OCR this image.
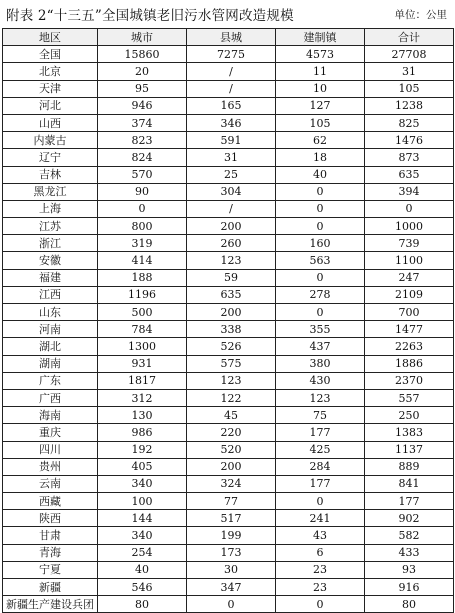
附表 2“十三五”全国城镇老旧污水管网改造规模	单位：公里
地区	城市	县城	建制镇	合计
全国	15860	7275	4573	27708
北京	20	/	11	31
天津	95	/	10	105
河北	946	165	127	1238
山西	374	346	105	825
内蒙古	823	591	62	1476
辽宁	824	31	18	873
吉林	570	25	40	635
黑龙江	90	304	0	394
上海	0	/	0	0
江苏	800	200	0	1000
浙江	319	260	160	739
安徽	414	123	563	1100
福建	188	59	0	247
江西	1196	635	278	2109
山东	500	200	0	700
河南	784	338	355	1477
湖北	1300	526	437	2263
湖南	931	575	380	1886
广东	1817	123	430	2370
广西	312	122	123	557
海南	130	45	75	250
重庆	986	220	177	1383
四川	192	520	425	1137
贵州	405	200	284	889
云南	340	324	177	841
西藏	100	77	0	177
陕西	144	517	241	902
甘肃	340	199	43	582
青海	254	173	6	433
宁夏	40	30	23	93
新疆	546	347	23	916
新疆生产建设兵团	80	0	0	80
